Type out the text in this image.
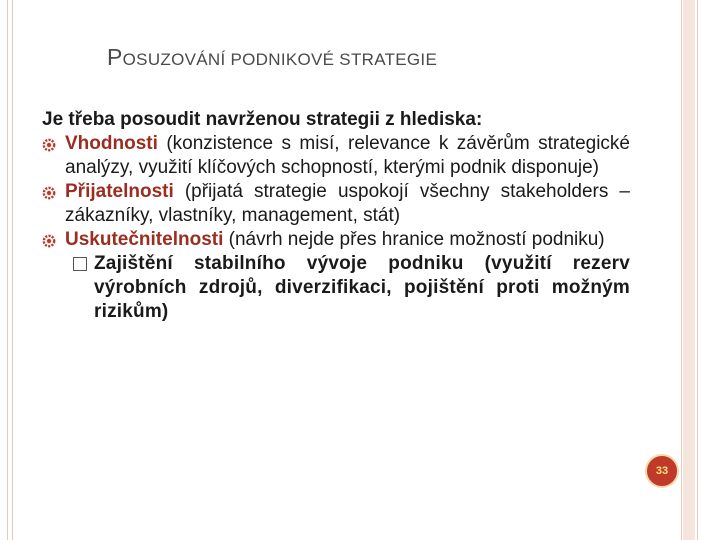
POSUZOVÁNÍ PODNIKOVÉ STRATEGIE
Je třeba posoudit navrženou strategii z hlediska:
Vhodnosti (konzistence s misí, relevance k závěrům strategické analýzy, využití klíčových schopností, kterými podnik disponuje)
Přijatelnosti (přijatá strategie uspokojí všechny stakeholders – zákazníky, vlastníky, management, stát)
Uskutečnitelnosti (návrh nejde přes hranice možností podniku)
Zajištění stabilního vývoje podniku (využití rezerv výrobních zdrojů, diverzifikaci, pojištění proti možným rizikům)
33
